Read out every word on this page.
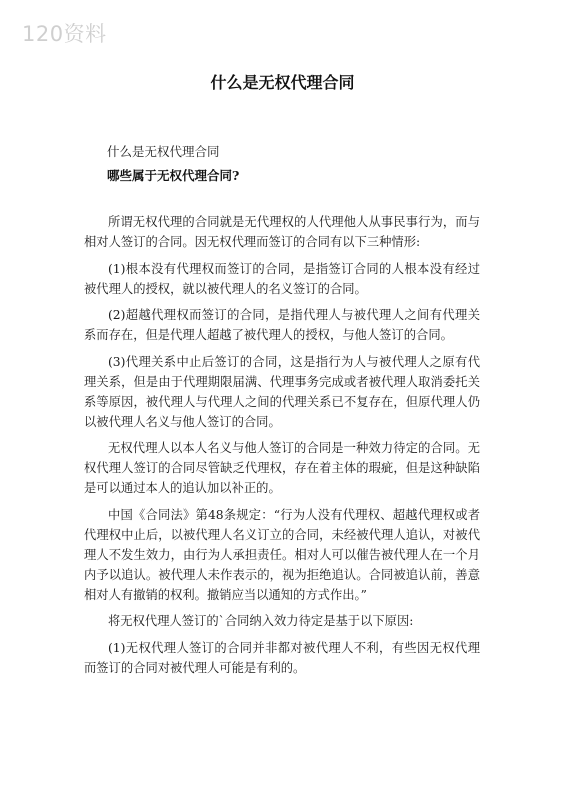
120资料
什么是无权代理合同
什么是无权代理合同
哪些属于无权代理合同?

所谓无权代理的合同就是无代理权的人代理他人从事民事行为，而与相对人签订的合同。因无权代理而签订的合同有以下三种情形:

(1)根本没有代理权而签订的合同，是指签订合同的人根本没有经过被代理人的授权，就以被代理人的名义签订的合同。

(2)超越代理权而签订的合同，是指代理人与被代理人之间有代理关系而存在，但是代理人超越了被代理人的授权，与他人签订的合同。

(3)代理关系中止后签订的合同，这是指行为人与被代理人之原有代理关系，但是由于代理期限届满、代理事务完成或者被代理人取消委托关系等原因，被代理人与代理人之间的代理关系已不复存在，但原代理人仍以被代理人名义与他人签订的合同。

无权代理人以本人名义与他人签订的合同是一种效力待定的合同。无权代理人签订的合同尽管缺乏代理权，存在着主体的瑕疵，但是这种缺陷是可以通过本人的追认加以补正的。

中国《合同法》第48条规定：“行为人没有代理权、超越代理权或者代理权中止后，以被代理人名义订立的合同，未经被代理人追认，对被代理人不发生效力，由行为人承担责任。相对人可以催告被代理人在一个月内予以追认。被代理人未作表示的，视为拒绝追认。合同被追认前，善意相对人有撤销的权利。撤销应当以通知的方式作出。”

将无权代理人签订的`合同纳入效力待定是基于以下原因:

(1)无权代理人签订的合同并非都对被代理人不利，有些因无权代理而签订的合同对被代理人可能是有利的。
